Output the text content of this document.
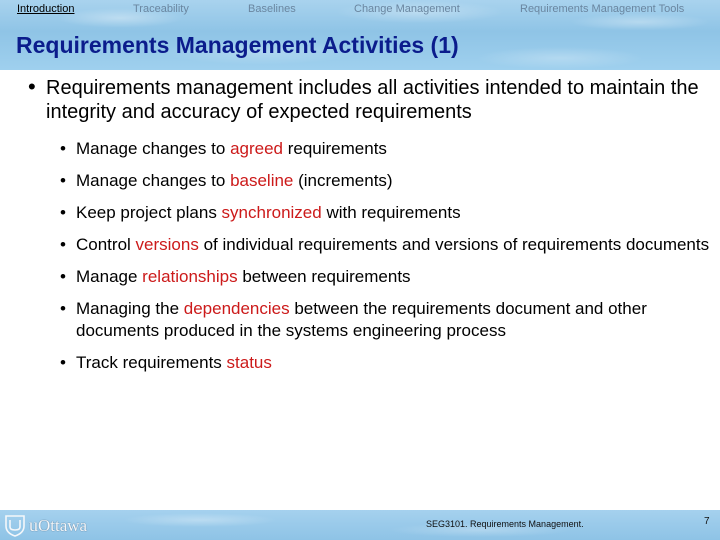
Introduction	Traceability	Baselines	Change Management	Requirements Management Tools
Requirements Management Activities (1)
• Requirements management includes all activities intended to maintain the integrity and accuracy of expected requirements
• Manage changes to agreed requirements
• Manage changes to baseline (increments)
• Keep project plans synchronized with requirements
• Control versions of individual requirements and versions of requirements documents
• Manage relationships between requirements
• Managing the dependencies between the requirements document and other documents produced in the systems engineering process
• Track requirements status
uOttawa	SEG3101. Requirements Management.	7
